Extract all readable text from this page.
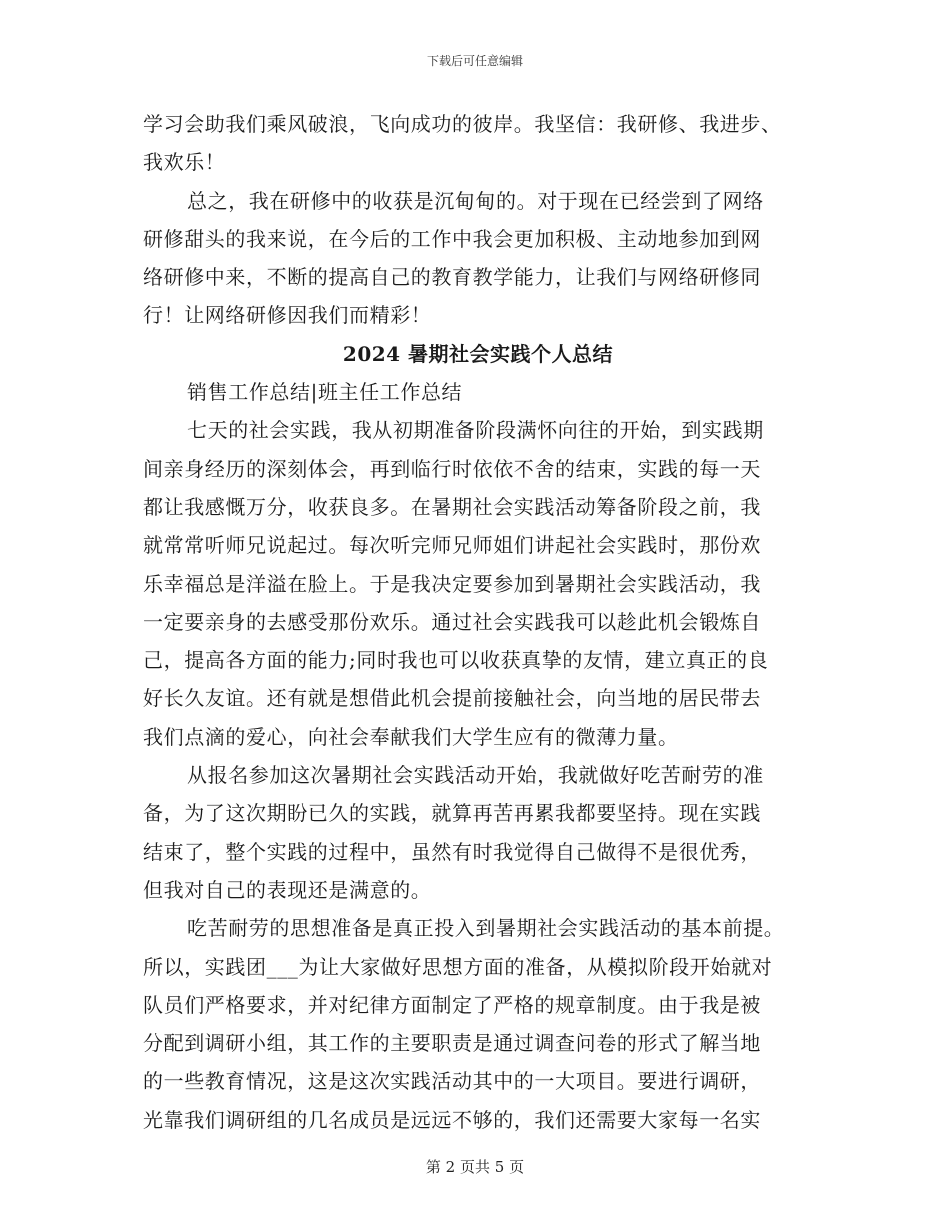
下载后可任意编辑
学习会助我们乘风破浪，飞向成功的彼岸。我坚信：我研修、我进步、
我欢乐！
总之，我在研修中的收获是沉甸甸的。对于现在已经尝到了网络
研修甜头的我来说，在今后的工作中我会更加积极、主动地参加到网
络研修中来，不断的提高自己的教育教学能力，让我们与网络研修同
行！让网络研修因我们而精彩！
2024 暑期社会实践个人总结
销售工作总结|班主任工作总结
七天的社会实践，我从初期准备阶段满怀向往的开始，到实践期
间亲身经历的深刻体会，再到临行时依依不舍的结束，实践的每一天
都让我感慨万分，收获良多。在暑期社会实践活动筹备阶段之前，我
就常常听师兄说起过。每次听完师兄师姐们讲起社会实践时，那份欢
乐幸福总是洋溢在脸上。于是我决定要参加到暑期社会实践活动，我
一定要亲身的去感受那份欢乐。通过社会实践我可以趁此机会锻炼自
己，提高各方面的能力;同时我也可以收获真挚的友情，建立真正的良
好长久友谊。还有就是想借此机会提前接触社会，向当地的居民带去
我们点滴的爱心，向社会奉献我们大学生应有的微薄力量。
从报名参加这次暑期社会实践活动开始，我就做好吃苦耐劳的准
备，为了这次期盼已久的实践，就算再苦再累我都要坚持。现在实践
结束了，整个实践的过程中，虽然有时我觉得自己做得不是很优秀，
但我对自己的表现还是满意的。
吃苦耐劳的思想准备是真正投入到暑期社会实践活动的基本前提。
所以，实践团___为让大家做好思想方面的准备，从模拟阶段开始就对
队员们严格要求，并对纪律方面制定了严格的规章制度。由于我是被
分配到调研小组，其工作的主要职责是通过调查问卷的形式了解当地
的一些教育情况，这是这次实践活动其中的一大项目。要进行调研，
光靠我们调研组的几名成员是远远不够的，我们还需要大家每一名实
第 2 页共 5 页
